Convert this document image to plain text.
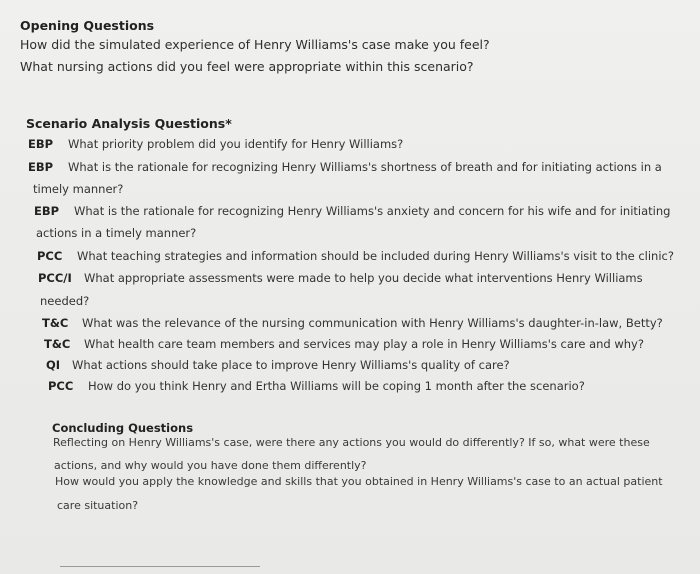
Opening Questions
How did the simulated experience of Henry Williams's case make you feel?
What nursing actions did you feel were appropriate within this scenario?
Scenario Analysis Questions*
EBP	What priority problem did you identify for Henry Williams?
EBP	What is the rationale for recognizing Henry Williams's shortness of breath and for initiating actions in a
timely manner?
EBP	What is the rationale for recognizing Henry Williams's anxiety and concern for his wife and for initiating
actions in a timely manner?
PCC	What teaching strategies and information should be included during Henry Williams's visit to the clinic?
PCC/I	What appropriate assessments were made to help you decide what interventions Henry Williams
needed?
T&C	What was the relevance of the nursing communication with Henry Williams's daughter-in-law, Betty?
T&C	What health care team members and services may play a role in Henry Williams's care and why?
QI	What actions should take place to improve Henry Williams's quality of care?
PCC	How do you think Henry and Ertha Williams will be coping 1 month after the scenario?
Concluding Questions
Reflecting on Henry Williams's case, were there any actions you would do differently? If so, what were these
actions, and why would you have done them differently?
How would you apply the knowledge and skills that you obtained in Henry Williams's case to an actual patient
care situation?
